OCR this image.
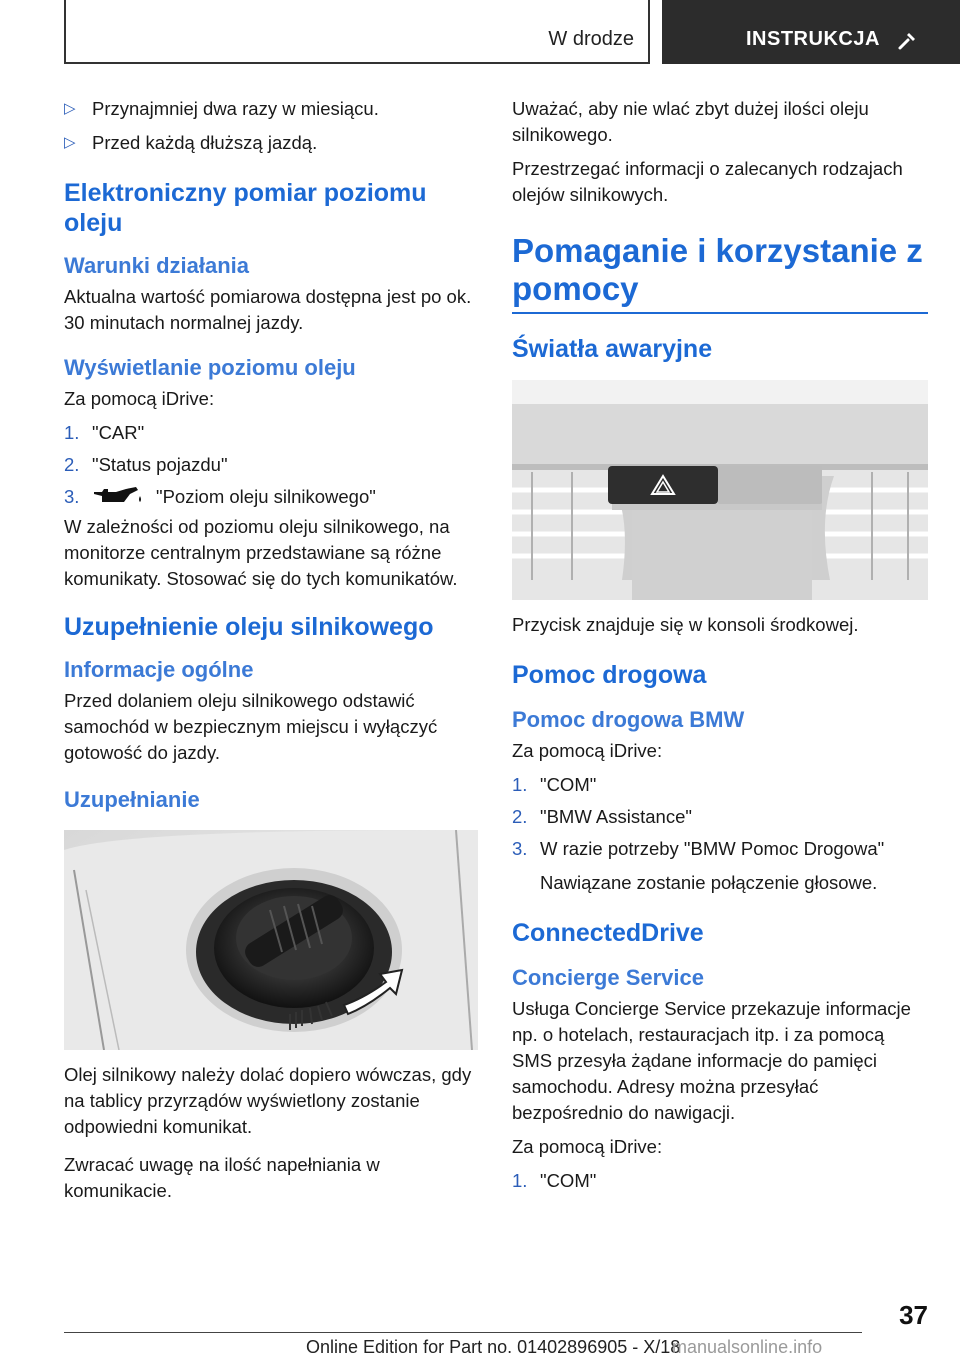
W drodze	INSTRUKCJA
▷ Przynajmniej dwa razy w miesiącu.
▷ Przed każdą dłuższą jazdą.
Elektroniczny pomiar poziomu oleju
Warunki działania

Aktualna wartość pomiarowa dostępna jest po ok. 30 minutach normalnej jazdy.

Wyświetlanie poziomu oleju

Za pomocą iDrive:

1. "CAR"
2. "Status pojazdu"
3.	"Poziom oleju silnikowego"

W zależności od poziomu oleju silnikowego, na monitorze centralnym przedstawiane są różne komunikaty. Stosować się do tych komunikatów.

Uzupełnienie oleju silnikowego
Informacje ogólne

Przed dolaniem oleju silnikowego odstawić samochód w bezpiecznym miejscu i wyłączyć gotowość do jazdy.

Uzupełnianie

Olej silnikowy należy dolać dopiero wówczas, gdy na tablicy przyrządów wyświetlony zostanie odpowiedni komunikat.

Zwracać uwagę na ilość napełniania w komunikacie.

Uważać, aby nie wlać zbyt dużej ilości oleju silnikowego.

Przestrzegać informacji o zalecanych rodzajach olejów silnikowych.

Pomaganie i korzystanie z pomocy
Światła awaryjne

Przycisk znajduje się w konsoli środkowej.

Pomoc drogowa
Pomoc drogowa BMW

Za pomocą iDrive:

1. "COM"
2. "BMW Assistance"
3. W razie potrzeby "BMW Pomoc Drogowa"

Nawiązane zostanie połączenie głosowe.

ConnectedDrive
Concierge Service

Usługa Concierge Service przekazuje informacje np. o hotelach, restauracjach itp. i za pomocą SMS przesyła żądane informacje do pamięci samochodu. Adresy można przesyłać bezpośrednio do nawigacji.

Za pomocą iDrive:

1. "COM"
37
Online Edition for Part no. 01402896905 - X/18
manualsonline.info
